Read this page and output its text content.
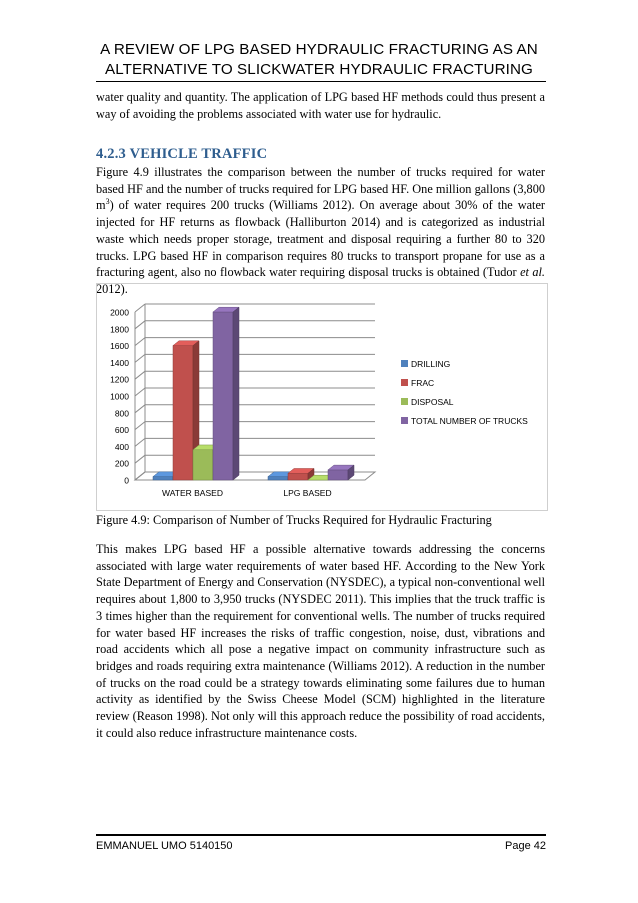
A REVIEW OF LPG BASED HYDRAULIC FRACTURING AS AN
ALTERNATIVE TO SLICKWATER HYDRAULIC FRACTURING
water quality and quantity. The application of LPG based HF methods could thus present a way of avoiding the problems associated with water use for hydraulic.
4.2.3 VEHICLE TRAFFIC
Figure 4.9 illustrates the comparison between the number of trucks required for water based HF and the number of trucks required for LPG based HF. One million gallons (3,800 $m^3$) of water requires 200 trucks (Williams 2012). On average about 30% of the water injected for HF returns as flowback (Halliburton 2014) and is categorized as industrial waste which needs proper storage, treatment and disposal requiring a further 80 to 320 trucks. LPG based HF in comparison requires 80 trucks to transport propane for use as a fracturing agent, also no flowback water requiring disposal trucks is obtained (Tudor et al. 2012).
0
200
400
600
800
1000
1200
1400
1600
1800
2000
WATER BASED	LPG BASED
DRILLING
FRAC
DISPOSAL
TOTAL NUMBER OF TRUCKS
Figure 4.9: Comparison of Number of Trucks Required for Hydraulic Fracturing
This makes LPG based HF a possible alternative towards addressing the concerns associated with large water requirements of water based HF. According to the New York State Department of Energy and Conservation (NYSDEC), a typical non-conventional well requires about 1,800 to 3,950 trucks (NYSDEC 2011). This implies that the truck traffic is 3 times higher than the requirement for conventional wells. The number of trucks required for water based HF increases the risks of traffic congestion, noise, dust, vibrations and road accidents which all pose a negative impact on community infrastructure such as bridges and roads requiring extra maintenance (Williams 2012). A reduction in the number of trucks on the road could be a strategy towards eliminating some failures due to human activity as identified by the Swiss Cheese Model (SCM) highlighted in the literature review (Reason 1998). Not only will this approach reduce the possibility of road accidents, it could also reduce infrastructure maintenance costs.
EMMANUEL UMO 5140150	Page 42
